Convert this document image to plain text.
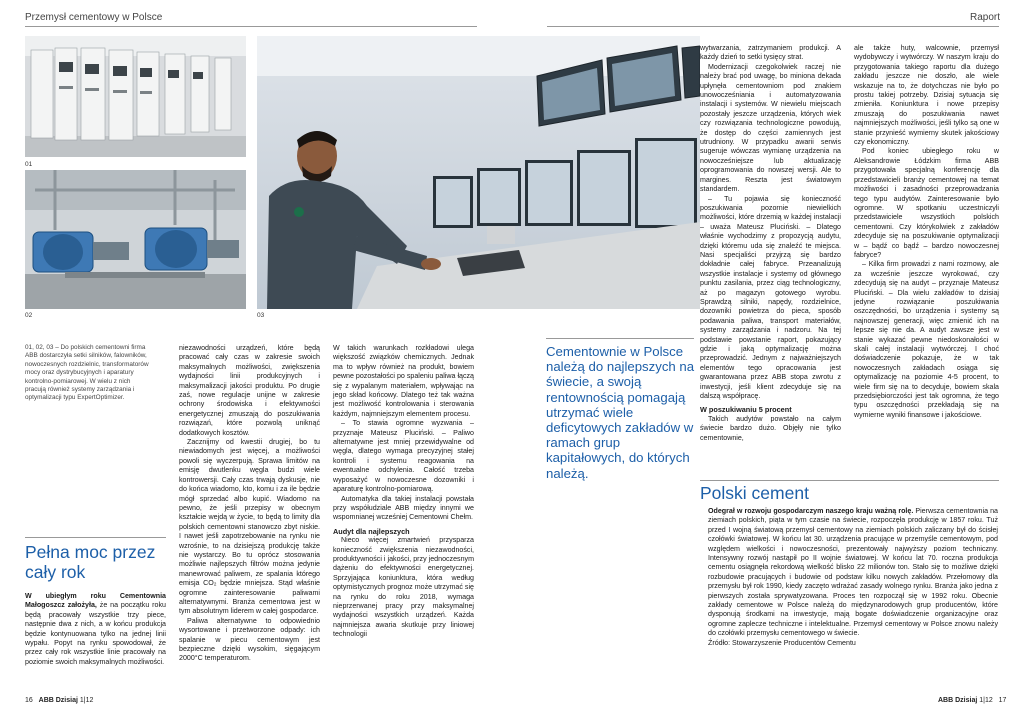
Przemysł cementowy w Polsce	Raport
01
02	03
01, 02, 03 – Do polskich cementowni firma ABB dostarczyła setki silników, falowników, nowoczesnych rozdzielnic, transformatorów mocy oraz dystrybucyjnych i aparatury kontrolno-pomiarowej. W wielu z nich pracują również systemy zarządzania i optymalizacji typu ExpertOptimizer.
Pełna moc przez cały rok
W ubiegłym roku Cementownia Małogoszcz założyła, że na początku roku będą pracowały wszystkie trzy piece, następnie dwa z nich, a w końcu produkcja będzie kontynuowana tylko na jednej linii wypału. Popyt na rynku spowodował, że przez cały rok wszystkie linie pracowały na poziomie swoich maksymalnych możliwości.

niezawodności urządzeń, które będą pracować cały czas w zakresie swoich maksymalnych możliwości, zwiększenia wydajności linii produkcyjnych i maksymalizacji jakości produktu. Po drugie zaś, nowe regulacje unijne w zakresie ochrony środowiska i efektywności energetycznej zmuszają do poszukiwania rozwiązań, które pozwolą uniknąć dodatkowych kosztów.

Zacznijmy od kwestii drugiej, bo tu niewiadomych jest więcej, a możliwości powoli się wyczerpują. Sprawa limitów na emisję dwutlenku węgla budzi wiele kontrowersji. Cały czas trwają dyskusje, nie do końca wiadomo, kto, komu i za ile będzie mógł sprzedać albo kupić. Wiadomo na pewno, że jeśli przepisy w obecnym kształcie wejdą w życie, to będą to limity dla polskich cementowni stanowczo zbyt niskie. I nawet jeśli zapotrzebowanie na rynku nie wzrośnie, to na dzisiejszą produkcję także nie wystarczy. Bo tu oprócz stosowania możliwie najlepszych filtrów można jedynie manewrować paliwem, ze spalania którego emisja CO₂ będzie mniejsza. Stąd właśnie ogromne zainteresowanie paliwami alternatywnymi. Branża cementowa jest w tym absolutnym liderem w całej gospodarce.

Paliwa alternatywne to odpowiednio wysortowane i przetworzone odpady: ich spalanie w piecu cementowym jest bezpieczne dzięki wysokim, sięgającym 2000°C temperaturom.

W takich warunkach rozkładowi ulega większość związków chemicznych. Jednak ma to wpływ również na produkt, bowiem pewne pozostałości po spaleniu paliwa łączą się z wypalanym materiałem, wpływając na jego skład końcowy. Dlatego też tak ważna jest możliwość kontrolowania i sterowania każdym, najmniejszym elementem procesu.

– To stawia ogromne wyzwania – przyznaje Mateusz Pluciński. – Paliwo alternatywne jest mniej przewidywalne od węgla, dlatego wymaga precyzyjnej stałej kontroli i systemu reagowania na ewentualne odchylenia. Całość trzeba wyposażyć w nowoczesne dozowniki i aparaturę kontrolno-pomiarową.

Automatyka dla takiej instalacji powstała przy współudziale ABB między innymi we wspomnianej wcześniej Cementowni Chełm.

Audyt dla najlepszych

Nieco więcej zmartwień przysparza konieczność zwiększenia niezawodności, produktywności i jakości, przy jednoczesnym dążeniu do efektywności energetycznej. Sprzyjająca koniunktura, która według optymistycznych prognoz może utrzymać się na rynku do roku 2018, wymaga nieprzerwanej pracy przy maksymalnej wydajności wszystkich urządzeń. Każda najmniejsza awaria skutkuje przy liniowej technologii

Cementownie w Polsce należą do najlepszych na świecie, a swoją rentownością pomagają utrzymać wiele deficytowych zakładów w ramach grup kapitałowych, do których należą.

wytwarzania, zatrzymaniem produkcji. A każdy dzień to setki tysięcy strat.

Modernizacji czegokolwiek raczej nie należy brać pod uwagę, bo miniona dekada upłynęła cementowniom pod znakiem unowocześniania i automatyzowania instalacji i systemów. W niewielu miejscach pozostały jeszcze urządzenia, których wiek czy rozwiązania technologiczne powodują, że dostęp do części zamiennych jest utrudniony. W przypadku awarii serwis sugeruje wówczas wymianę urządzenia na nowocześniejsze lub aktualizację oprogramowania do nowszej wersji. Ale to margines. Reszta jest światowym standardem.

– Tu pojawia się konieczność poszukiwania pozornie niewielkich możliwości, które drzemią w każdej instalacji – uważa Mateusz Pluciński. – Dlatego właśnie wychodzimy z propozycją audytu, dzięki któremu uda się znaleźć te miejsca. Nasi specjaliści przyjrzą się bardzo dokładnie całej fabryce. Przeanalizują wszystkie instalacje i systemy od głównego punktu zasilania, przez ciąg technologiczny, aż po magazyn gotowego wyrobu. Sprawdzą silniki, napędy, rozdzielnice, dozowniki powietrza do pieca, sposób podawania paliwa, transport materiałów, systemy zarządzania i nadzoru. Na tej podstawie powstanie raport, pokazujący gdzie i jaką optymalizację można przeprowadzić. Jednym z najważniejszych elementów tego opracowania jest gwarantowana przez ABB stopa zwrotu z inwestycji, jeśli klient zdecyduje się na dalszą współpracę.

W poszukiwaniu 5 procent

Takich audytów powstało na całym świecie bardzo dużo. Objęły nie tylko cementownie,

ale także huty, walcownie, przemysł wydobywczy i wytwórczy. W naszym kraju do przygotowania takiego raportu dla dużego zakładu jeszcze nie doszło, ale wiele wskazuje na to, że dotychczas nie było po prostu takiej potrzeby. Dzisiaj sytuacja się zmieniła. Koniunktura i nowe przepisy zmuszają do poszukiwania nawet najmniejszych możliwości, jeśli tylko są one w stanie przynieść wymierny skutek jakościowy czy ekonomiczny.

Pod koniec ubiegłego roku w Aleksandrowie Łódzkim firma ABB przygotowała specjalną konferencję dla przedstawicieli branży cementowej na temat możliwości i zasadności przeprowadzania tego typu audytów. Zainteresowanie było ogromne. W spotkaniu uczestniczyli przedstawiciele wszystkich polskich cementowni. Czy którykolwiek z zakładów zdecyduje się na poszukiwanie optymalizacji w – bądź co bądź – bardzo nowoczesnej fabryce?

– Kilka firm prowadzi z nami rozmowy, ale za wcześnie jeszcze wyrokować, czy zdecydują się na audyt – przyznaje Mateusz Pluciński. – Dla wielu zakładów to dzisiaj jedyne rozwiązanie poszukiwania oszczędności, bo urządzenia i systemy są najnowszej generacji, więc zmienić ich na lepsze się nie da. A audyt zawsze jest w stanie wykazać pewne niedoskonałości w skali całej instalacji wytwórczej. I choć doświadczenie pokazuje, że w tak nowoczesnych zakładach osiąga się optymalizację na poziomie 4-5 procent, to wiele firm się na to decyduje, bowiem skala przedsiębiorczości jest tak ogromna, że tego typu oszczędności przekładają się na wymierne wyniki finansowe i jakościowe.

Polski cement
Odegrał w rozwoju gospodarczym naszego kraju ważną rolę. Pierwsza cementownia na ziemiach polskich, piąta w tym czasie na świecie, rozpoczęła produkcję w 1857 roku. Tuż przed I wojną światową przemysł cementowy na ziemiach polskich zaliczany był do ścisłej czołówki światowej. W końcu lat 30. urządzenia pracujące w przemyśle cementowym, pod względem wielkości i nowoczesności, prezentowały najwyższy poziom techniczny. Intensywny rozwój nastąpił po II wojnie światowej. W końcu lat 70. roczna produkcja cementu osiągnęła rekordową wielkość blisko 22 milionów ton. Stało się to możliwe dzięki rozbudowie pracujących i budowie od podstaw kilku nowych zakładów. Przełomowy dla przemysłu był rok 1990, kiedy zaczęto wdrażać zasady wolnego rynku. Branża jako jedna z pierwszych została sprywatyzowana. Proces ten rozpoczął się w 1992 roku. Obecnie zakłady cementowe w Polsce należą do międzynarodowych grup producentów, które dysponują środkami na inwestycje, mają bogate doświadczenie organizacyjne oraz ogromne zaplecze techniczne i intelektualne. Przemysł cementowy w Polsce znowu należy do czołówki przemysłu cementowego w świecie.
Źródło: Stowarzyszenie Producentów Cementu
16 ABB Dzisiaj 1|12	ABB Dzisiaj 1|12 17
